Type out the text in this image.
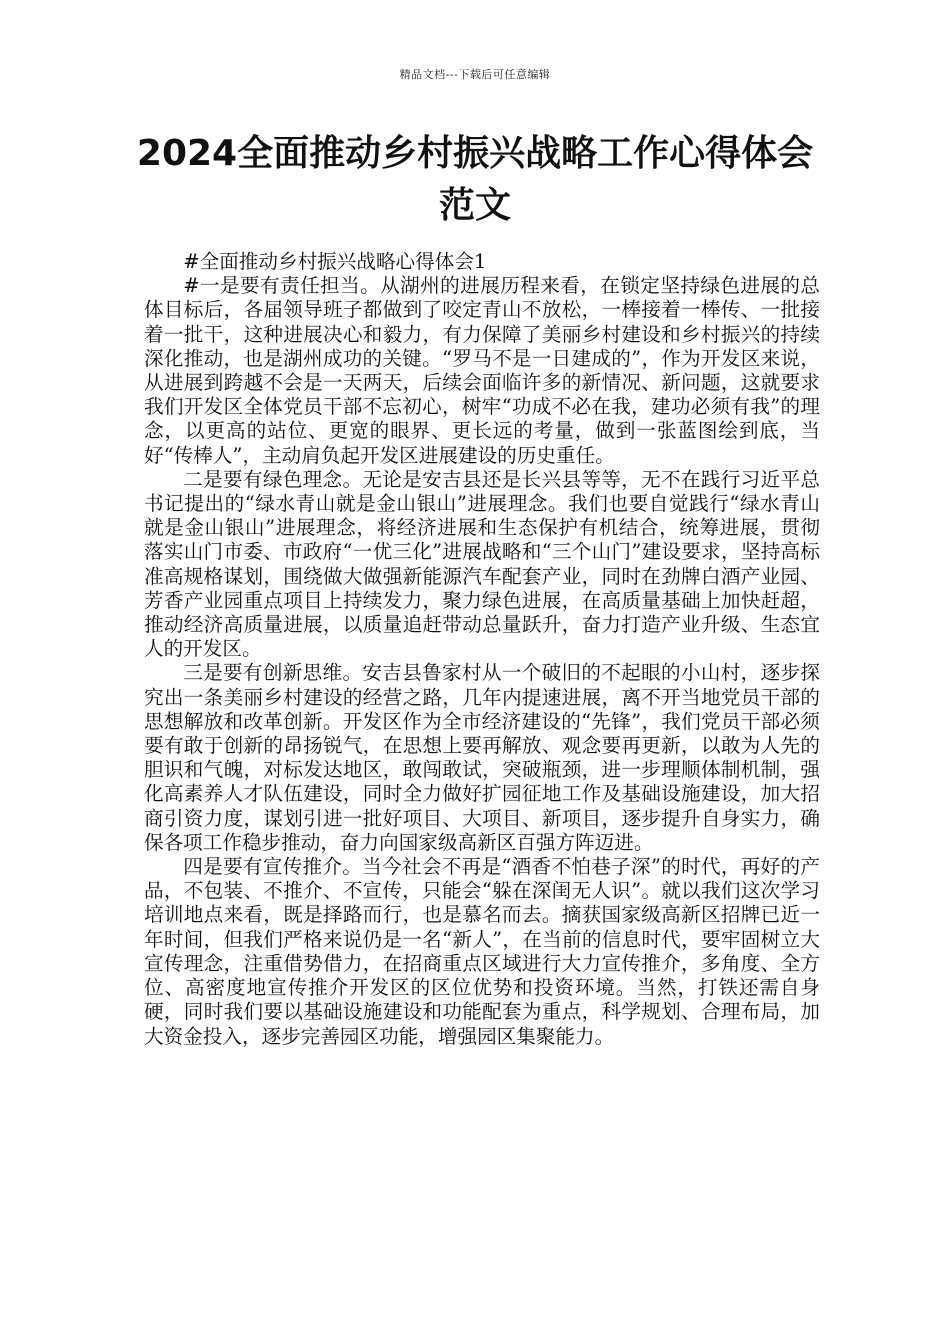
精品文档---下载后可任意编辑
2024全面推动乡村振兴战略工作心得体会范文

#全面推动乡村振兴战略心得体会1

#一是要有责任担当。从湖州的进展历程来看，在锁定坚持绿色进展的总体目标后，各届领导班子都做到了咬定青山不放松，一棒接着一棒传、一批接着一批干，这种进展决心和毅力，有力保障了美丽乡村建设和乡村振兴的持续深化推动，也是湖州成功的关键。“罗马不是一日建成的”，作为开发区来说，从进展到跨越不会是一天两天，后续会面临许多的新情况、新问题，这就要求我们开发区全体党员干部不忘初心，树牢“功成不必在我，建功必须有我”的理念，以更高的站位、更宽的眼界、更长远的考量，做到一张蓝图绘到底，当好“传棒人”，主动肩负起开发区进展建设的历史重任。

二是要有绿色理念。无论是安吉县还是长兴县等等，无不在践行习近平总书记提出的“绿水青山就是金山银山”进展理念。我们也要自觉践行“绿水青山就是金山银山”进展理念，将经济进展和生态保护有机结合，统筹进展，贯彻落实山门市委、市政府“一优三化”进展战略和“三个山门”建设要求，坚持高标准高规格谋划，围绕做大做强新能源汽车配套产业，同时在劲牌白酒产业园、芳香产业园重点项目上持续发力，聚力绿色进展，在高质量基础上加快赶超，推动经济高质量进展，以质量追赶带动总量跃升，奋力打造产业升级、生态宜人的开发区。

三是要有创新思维。安吉县鲁家村从一个破旧的不起眼的小山村，逐步探究出一条美丽乡村建设的经营之路，几年内提速进展，离不开当地党员干部的思想解放和改革创新。开发区作为全市经济建设的“先锋”，我们党员干部必须要有敢于创新的昂扬锐气，在思想上要再解放、观念要再更新，以敢为人先的胆识和气魄，对标发达地区，敢闯敢试，突破瓶颈，进一步理顺体制机制，强化高素养人才队伍建设，同时全力做好扩园征地工作及基础设施建设，加大招商引资力度，谋划引进一批好项目、大项目、新项目，逐步提升自身实力，确保各项工作稳步推动，奋力向国家级高新区百强方阵迈进。

四是要有宣传推介。当今社会不再是“酒香不怕巷子深”的时代，再好的产品，不包装、不推介、不宣传，只能会“躲在深闺无人识”。就以我们这次学习培训地点来看，既是择路而行，也是慕名而去。摘获国家级高新区招牌已近一年时间，但我们严格来说仍是一名“新人”，在当前的信息时代，要牢固树立大宣传理念，注重借势借力，在招商重点区域进行大力宣传推介，多角度、全方位、高密度地宣传推介开发区的区位优势和投资环境。当然，打铁还需自身硬，同时我们要以基础设施建设和功能配套为重点，科学规划、合理布局，加大资金投入，逐步完善园区功能，增强园区集聚能力。
